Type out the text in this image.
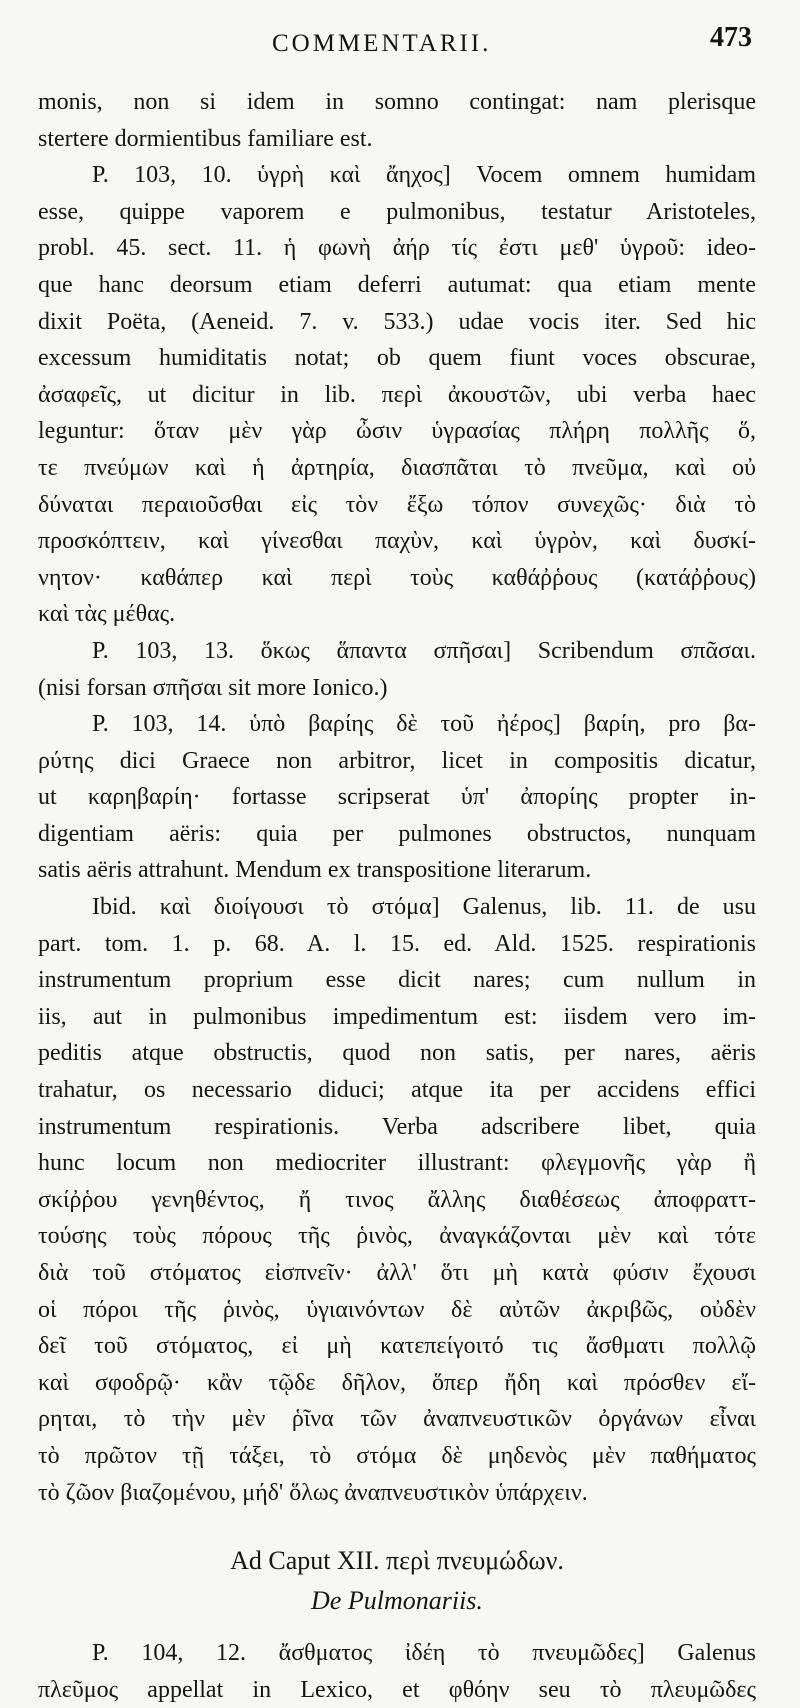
COMMENTARII.	473
monis, non si idem in somno contingat: nam plerisque
stertere dormientibus familiare est.
P. 103, 10. ὑγρὴ καὶ ἄηχος] Vocem omnem humidam
esse, quippe vaporem e pulmonibus, testatur Aristoteles,
probl. 45. sect. 11. ἡ φωνὴ ἀήρ τίς ἐστι μεθ' ὑγροῦ: ideo-
que hanc deorsum etiam deferri autumat: qua etiam mente
dixit Poëta, (Aeneid. 7. v. 533.) udae vocis iter. Sed hic
excessum humiditatis notat; ob quem fiunt voces obscurae,
ἀσαφεῖς, ut dicitur in lib. περὶ ἀκουστῶν, ubi verba haec
leguntur: ὅταν μὲν γὰρ ὦσιν ὑγρασίας πλήρη πολλῆς ὅ,
τε πνεύμων καὶ ἡ ἀρτηρία, διασπᾶται τὸ πνεῦμα, καὶ οὐ
δύναται περαιοῦσθαι εἰς τὸν ἔξω τόπον συνεχῶς· διὰ τὸ
προσκόπτειν, καὶ γίνεσθαι παχὺν, καὶ ὑγρὸν, καὶ δυσκί-
νητον· καθάπερ καὶ περὶ τοὺς καθάῤῥους (κατάῤῥους)
καὶ τὰς μέθας.
P. 103, 13. ὅκως ἅπαντα σπῆσαι] Scribendum σπᾶσαι.
(nisi forsan σπῆσαι sit more Ionico.)
P. 103, 14. ὑπὸ βαρίης δὲ τοῦ ἠέρος] βαρίη, pro βα-
ρύτης dici Graece non arbitror, licet in compositis dicatur,
ut καρηβαρίη· fortasse scripserat ὑπ' ἀπορίης propter in-
digentiam aëris: quia per pulmones obstructos, nunquam
satis aëris attrahunt. Mendum ex transpositione literarum.
Ibid. καὶ διοίγουσι τὸ στόμα] Galenus, lib. 11. de usu
part. tom. 1. p. 68. A. l. 15. ed. Ald. 1525. respirationis
instrumentum proprium esse dicit nares; cum nullum in
iis, aut in pulmonibus impedimentum est: iisdem vero im-
peditis atque obstructis, quod non satis, per nares, aëris
trahatur, os necessario diduci; atque ita per accidens effici
instrumentum respirationis. Verba adscribere libet, quia
hunc locum non mediocriter illustrant: φλεγμονῆς γὰρ ἢ
σκίῤῥου γενηθέντος, ἤ τινος ἄλλης διαθέσεως ἀποφραττ-
τούσης τοὺς πόρους τῆς ῥινὸς, ἀναγκάζονται μὲν καὶ τότε
διὰ τοῦ στόματος εἰσπνεῖν· ἀλλ' ὅτι μὴ κατὰ φύσιν ἔχουσι
οἱ πόροι τῆς ῥινὸς, ὑγιαινόντων δὲ αὐτῶν ἀκριβῶς, οὐδὲν
δεῖ τοῦ στόματος, εἰ μὴ κατεπείγοιτό τις ἄσθματι πολλῷ
καὶ σφοδρῷ· κἂν τῷδε δῆλον, ὅπερ ἤδη καὶ πρόσθεν εἴ-
ρηται, τὸ τὴν μὲν ῥῖνα τῶν ἀναπνευστικῶν ὀργάνων εἶναι
τὸ πρῶτον τῇ τάξει, τὸ στόμα δὲ μηδενὸς μὲν παθήματος
τὸ ζῶον βιαζομένου, μήδ' ὅλως ἀναπνευστικὸν ὑπάρχειν.
Ad Caput XII. περὶ πνευμώδων.
De Pulmonariis.
P. 104, 12. ἄσθματος ἰδέη τὸ πνευμῶδες] Galenus
πλεῦμος appellat in Lexico, et φθόην seu τὸ πλευμῶδες
